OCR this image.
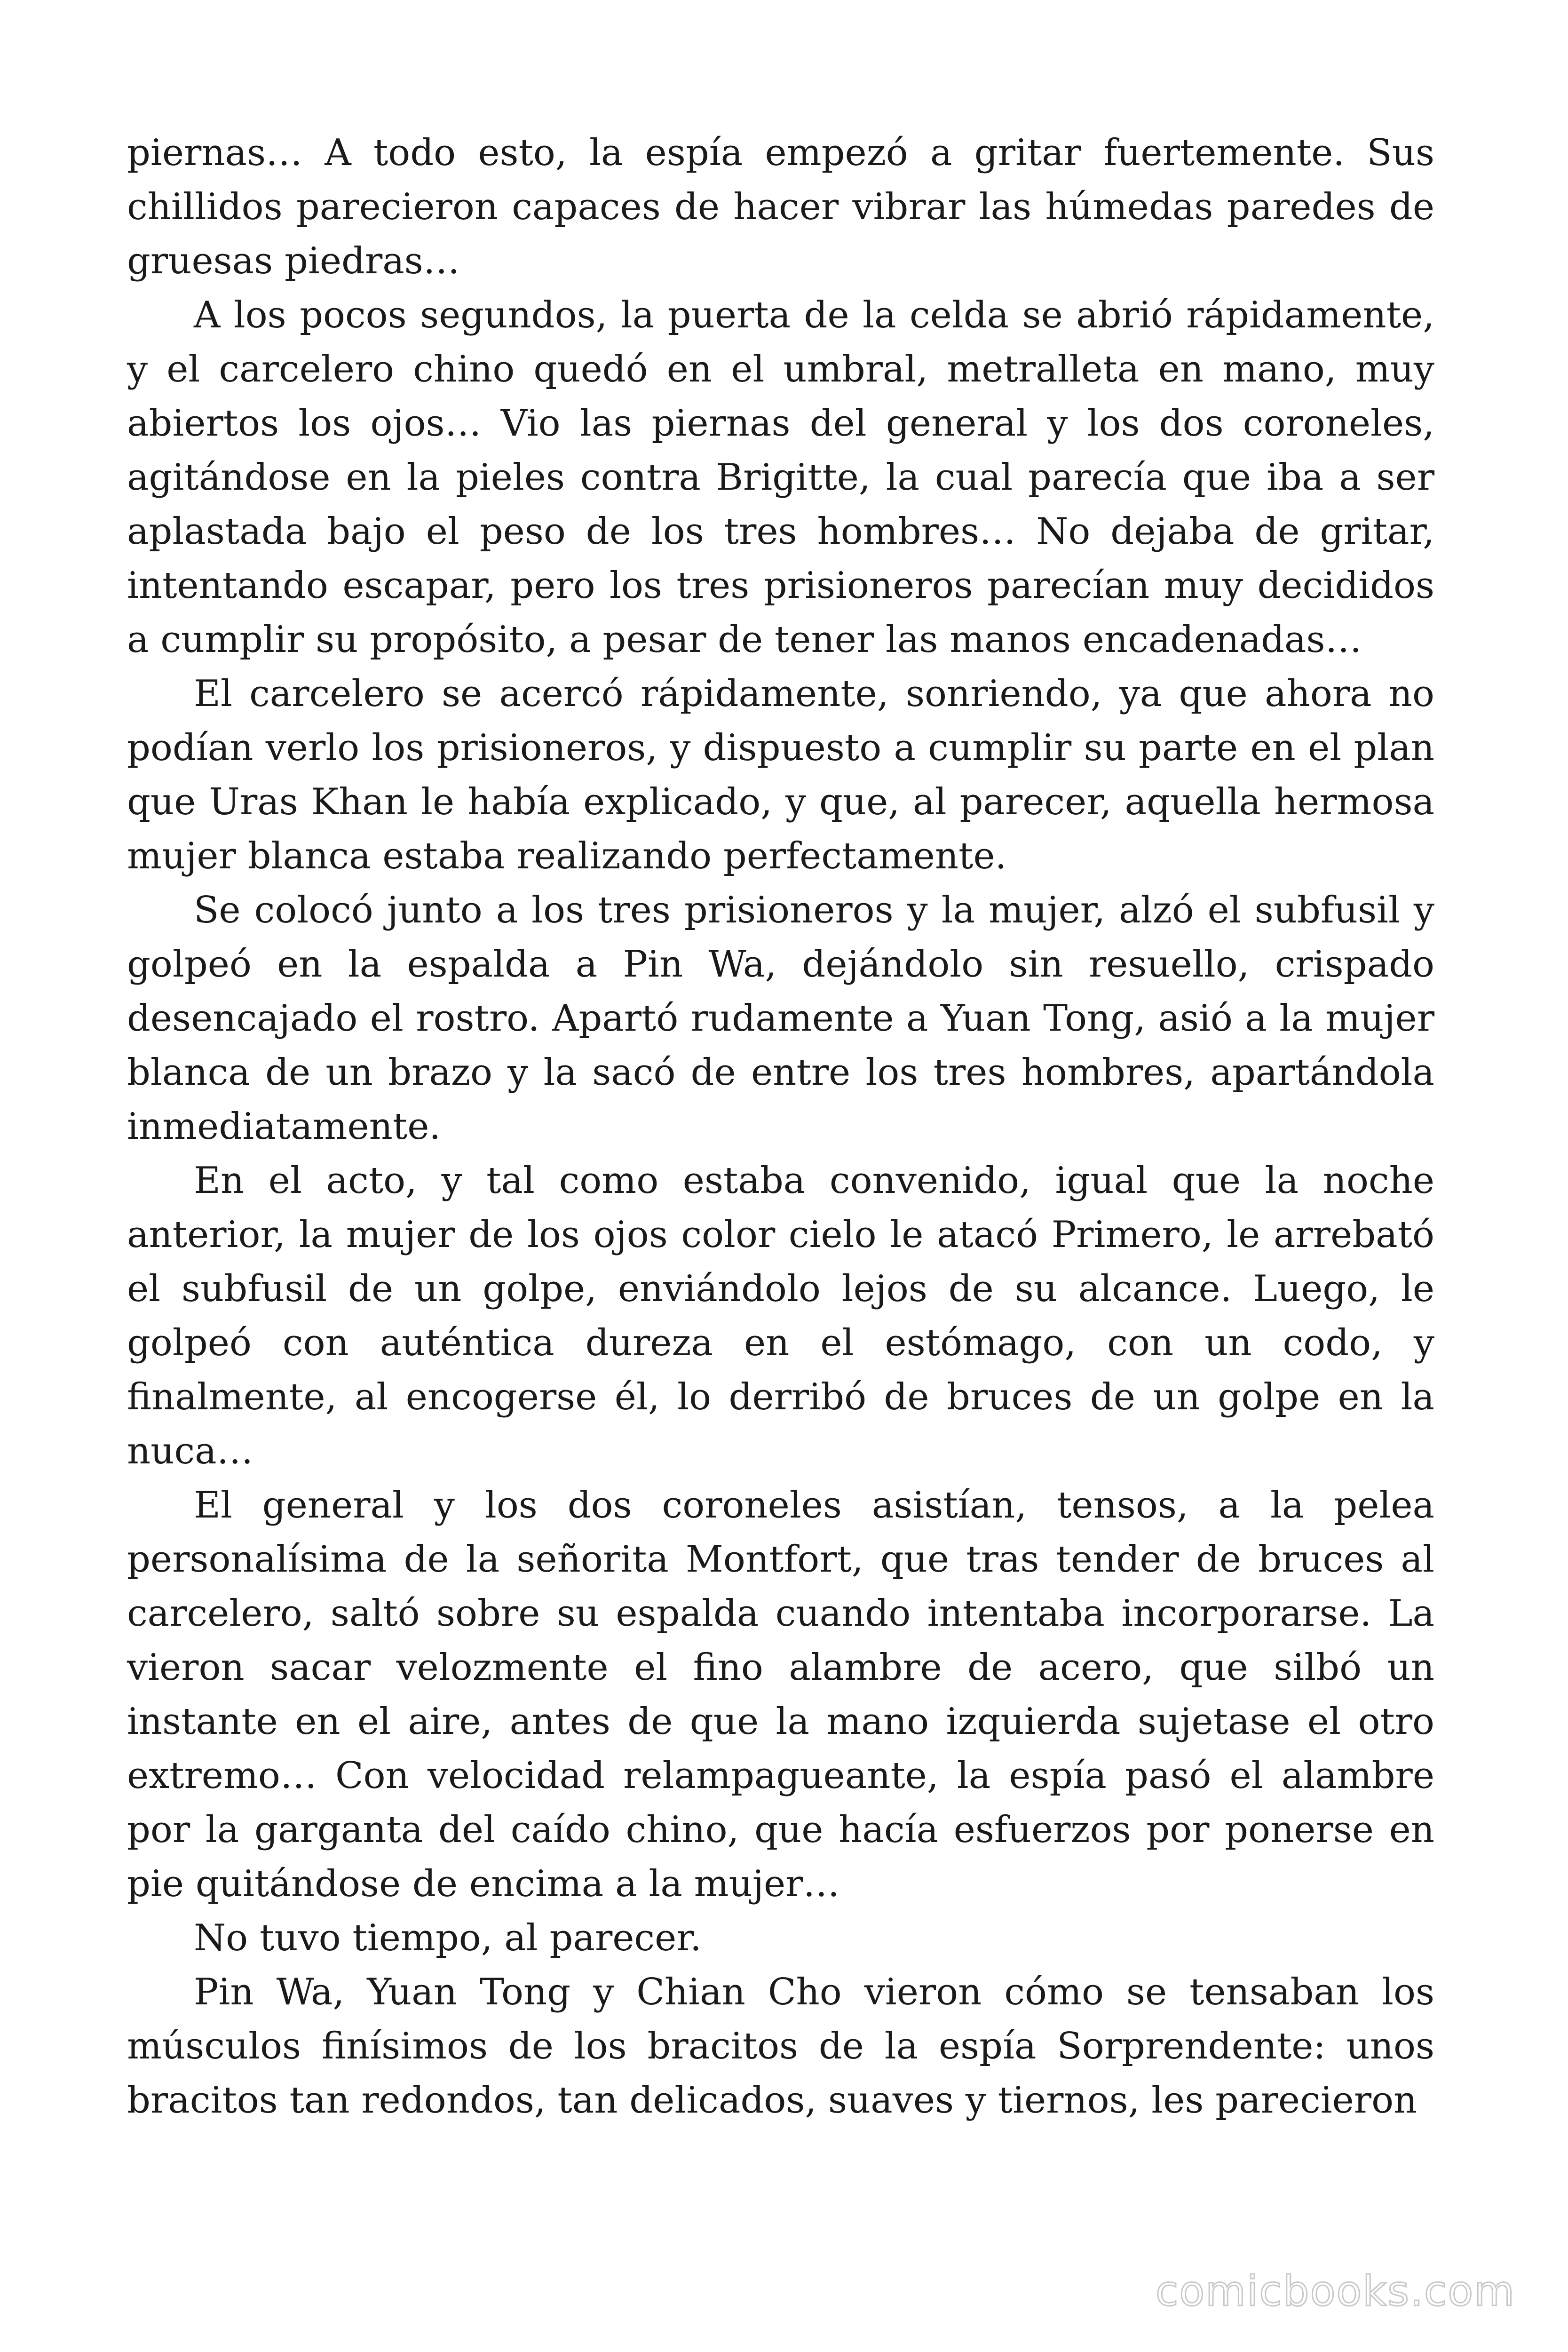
piernas… A todo esto, la espía empezó a gritar fuertemente. Sus chillidos parecieron capaces de hacer vibrar las húmedas paredes de gruesas piedras…

A los pocos segundos, la puerta de la celda se abrió rápidamente, y el carcelero chino quedó en el umbral, metralleta en mano, muy abiertos los ojos… Vio las piernas del general y los dos coroneles, agitándose en la pieles contra Brigitte, la cual parecía que iba a ser aplastada bajo el peso de los tres hombres… No dejaba de gritar, intentando escapar, pero los tres prisioneros parecían muy decididos a cumplir su propósito, a pesar de tener las manos encadenadas…

El carcelero se acercó rápidamente, sonriendo, ya que ahora no podían verlo los prisioneros, y dispuesto a cumplir su parte en el plan que Uras Khan le había explicado, y que, al parecer, aquella hermosa mujer blanca estaba realizando perfectamente.

Se colocó junto a los tres prisioneros y la mujer, alzó el subfusil y golpeó en la espalda a Pin Wa, dejándolo sin resuello, crispado desencajado el rostro. Apartó rudamente a Yuan Tong, asió a la mujer blanca de un brazo y la sacó de entre los tres hombres, apartándola inmediatamente.

En el acto, y tal como estaba convenido, igual que la noche anterior, la mujer de los ojos color cielo le atacó Primero, le arrebató el subfusil de un golpe, enviándolo lejos de su alcance. Luego, le golpeó con auténtica dureza en el estómago, con un codo, y finalmente, al encogerse él, lo derribó de bruces de un golpe en la nuca…

El general y los dos coroneles asistían, tensos, a la pelea personalísima de la señorita Montfort, que tras tender de bruces al carcelero, saltó sobre su espalda cuando intentaba incorporarse. La vieron sacar velozmente el fino alambre de acero, que silbó un instante en el aire, antes de que la mano izquierda sujetase el otro extremo… Con velocidad relampagueante, la espía pasó el alambre por la garganta del caído chino, que hacía esfuerzos por ponerse en pie quitándose de encima a la mujer…

No tuvo tiempo, al parecer.

Pin Wa, Yuan Tong y Chian Cho vieron cómo se tensaban los músculos finísimos de los bracitos de la espía Sorprendente: unos bracitos tan redondos, tan delicados, suaves y tiernos, les parecieron

comicbooks.com
